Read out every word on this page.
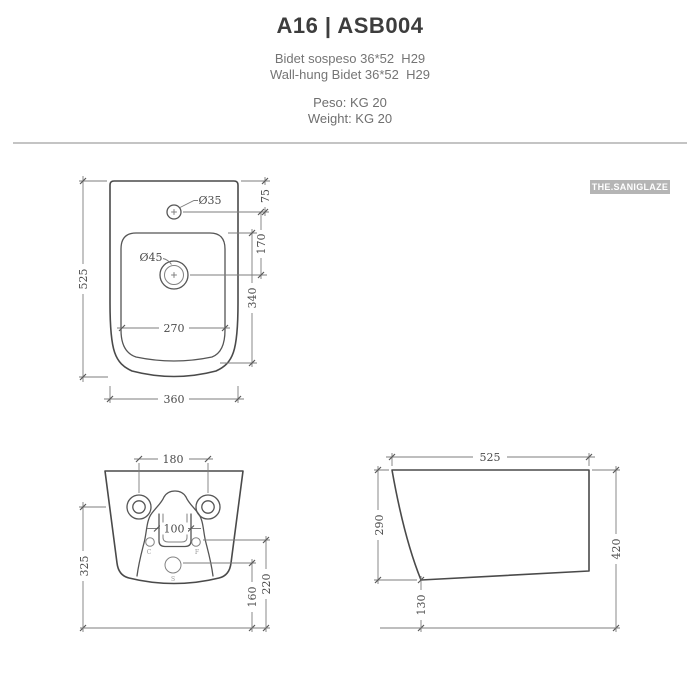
A16 | ASB004
Bidet sospeso 36*52  H29
Wall-hung Bidet 36*52  H29
Peso: KG 20
Weight: KG 20
THE.SANIGLAZE
Ø35
Ø45
270
525
360
75
170
340
C	F
S
180
100
325
220
160
525
290
130
420
